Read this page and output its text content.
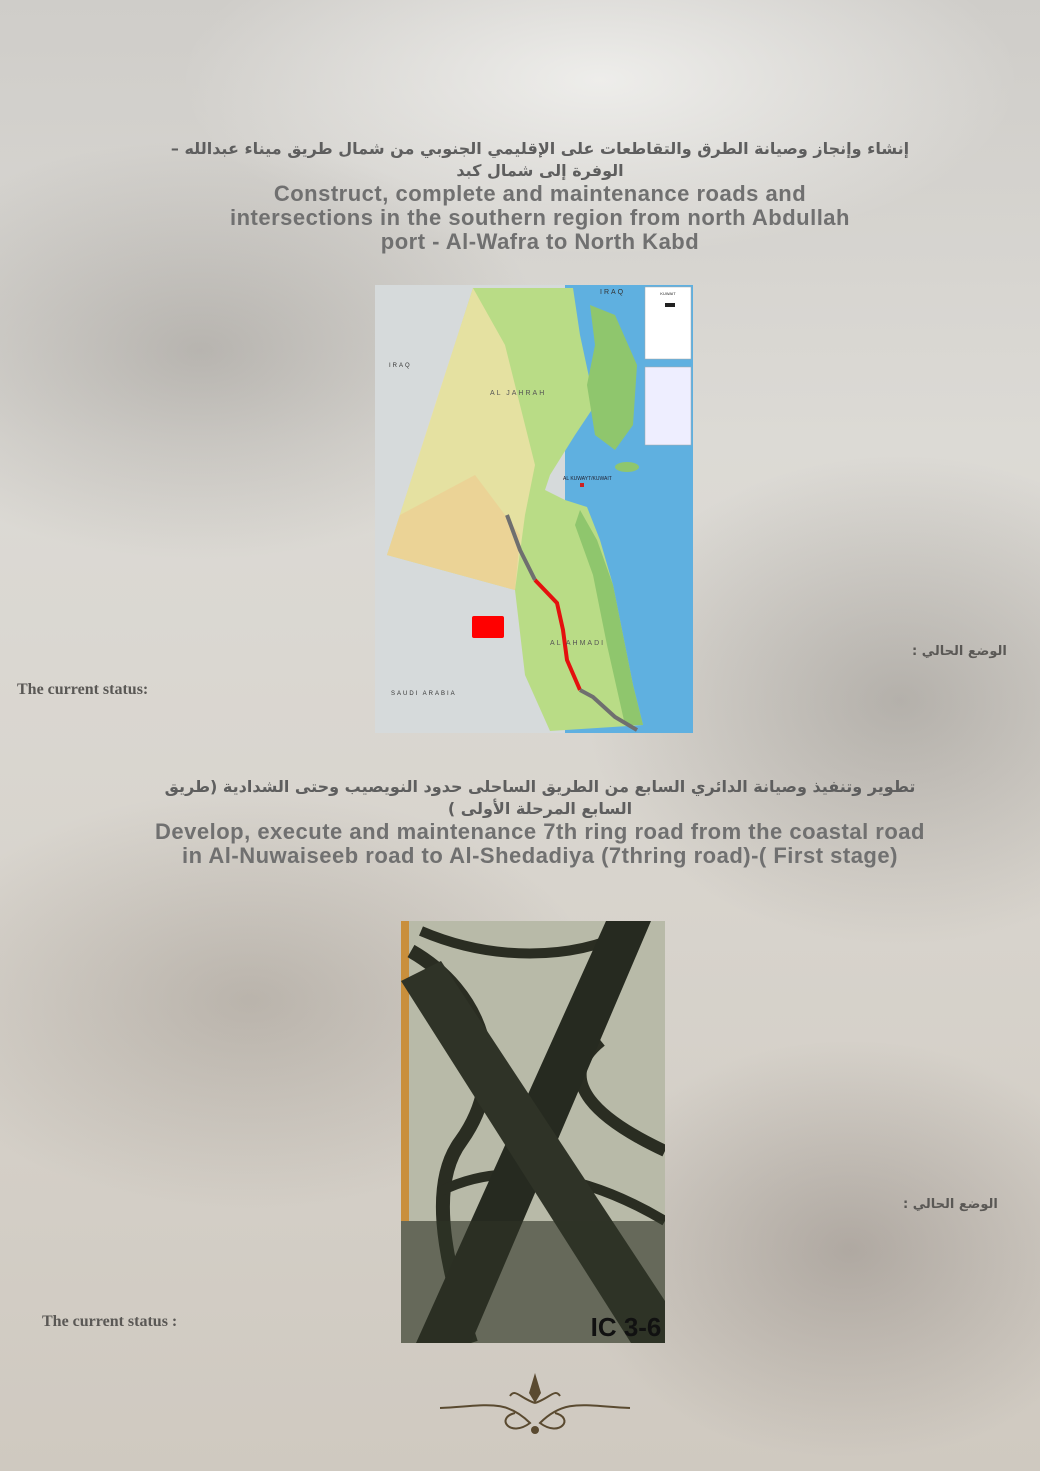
إنشاء وإنجاز وصيانة الطرق والتقاطعات على الإقليمي الجنوبي من شمال طريق ميناء عبدالله – الوفرة إلى شمال كبد
Construct, complete and maintenance roads and intersections in the southern region from north Abdullah port - Al-Wafra to North Kabd
KUWAIT
IRAQ
IRAQ
SAUDI ARABIA
AL JAHRAH
AL AHMADI
AL KUWAYT/KUWAIT
الوضع الحالي :
The current status:
تطوير وتنفيذ وصيانة الدائري السابع من الطريق الساحلى حدود النويصيب وحتى الشدادية (طريق السابع المرحلة الأولى )
Develop, execute and maintenance 7th ring road from the coastal road in Al-Nuwaiseeb road to Al-Shedadiya (7thring road)-( First stage)
IC 3-6
الوضع الحالي :
The current status :
